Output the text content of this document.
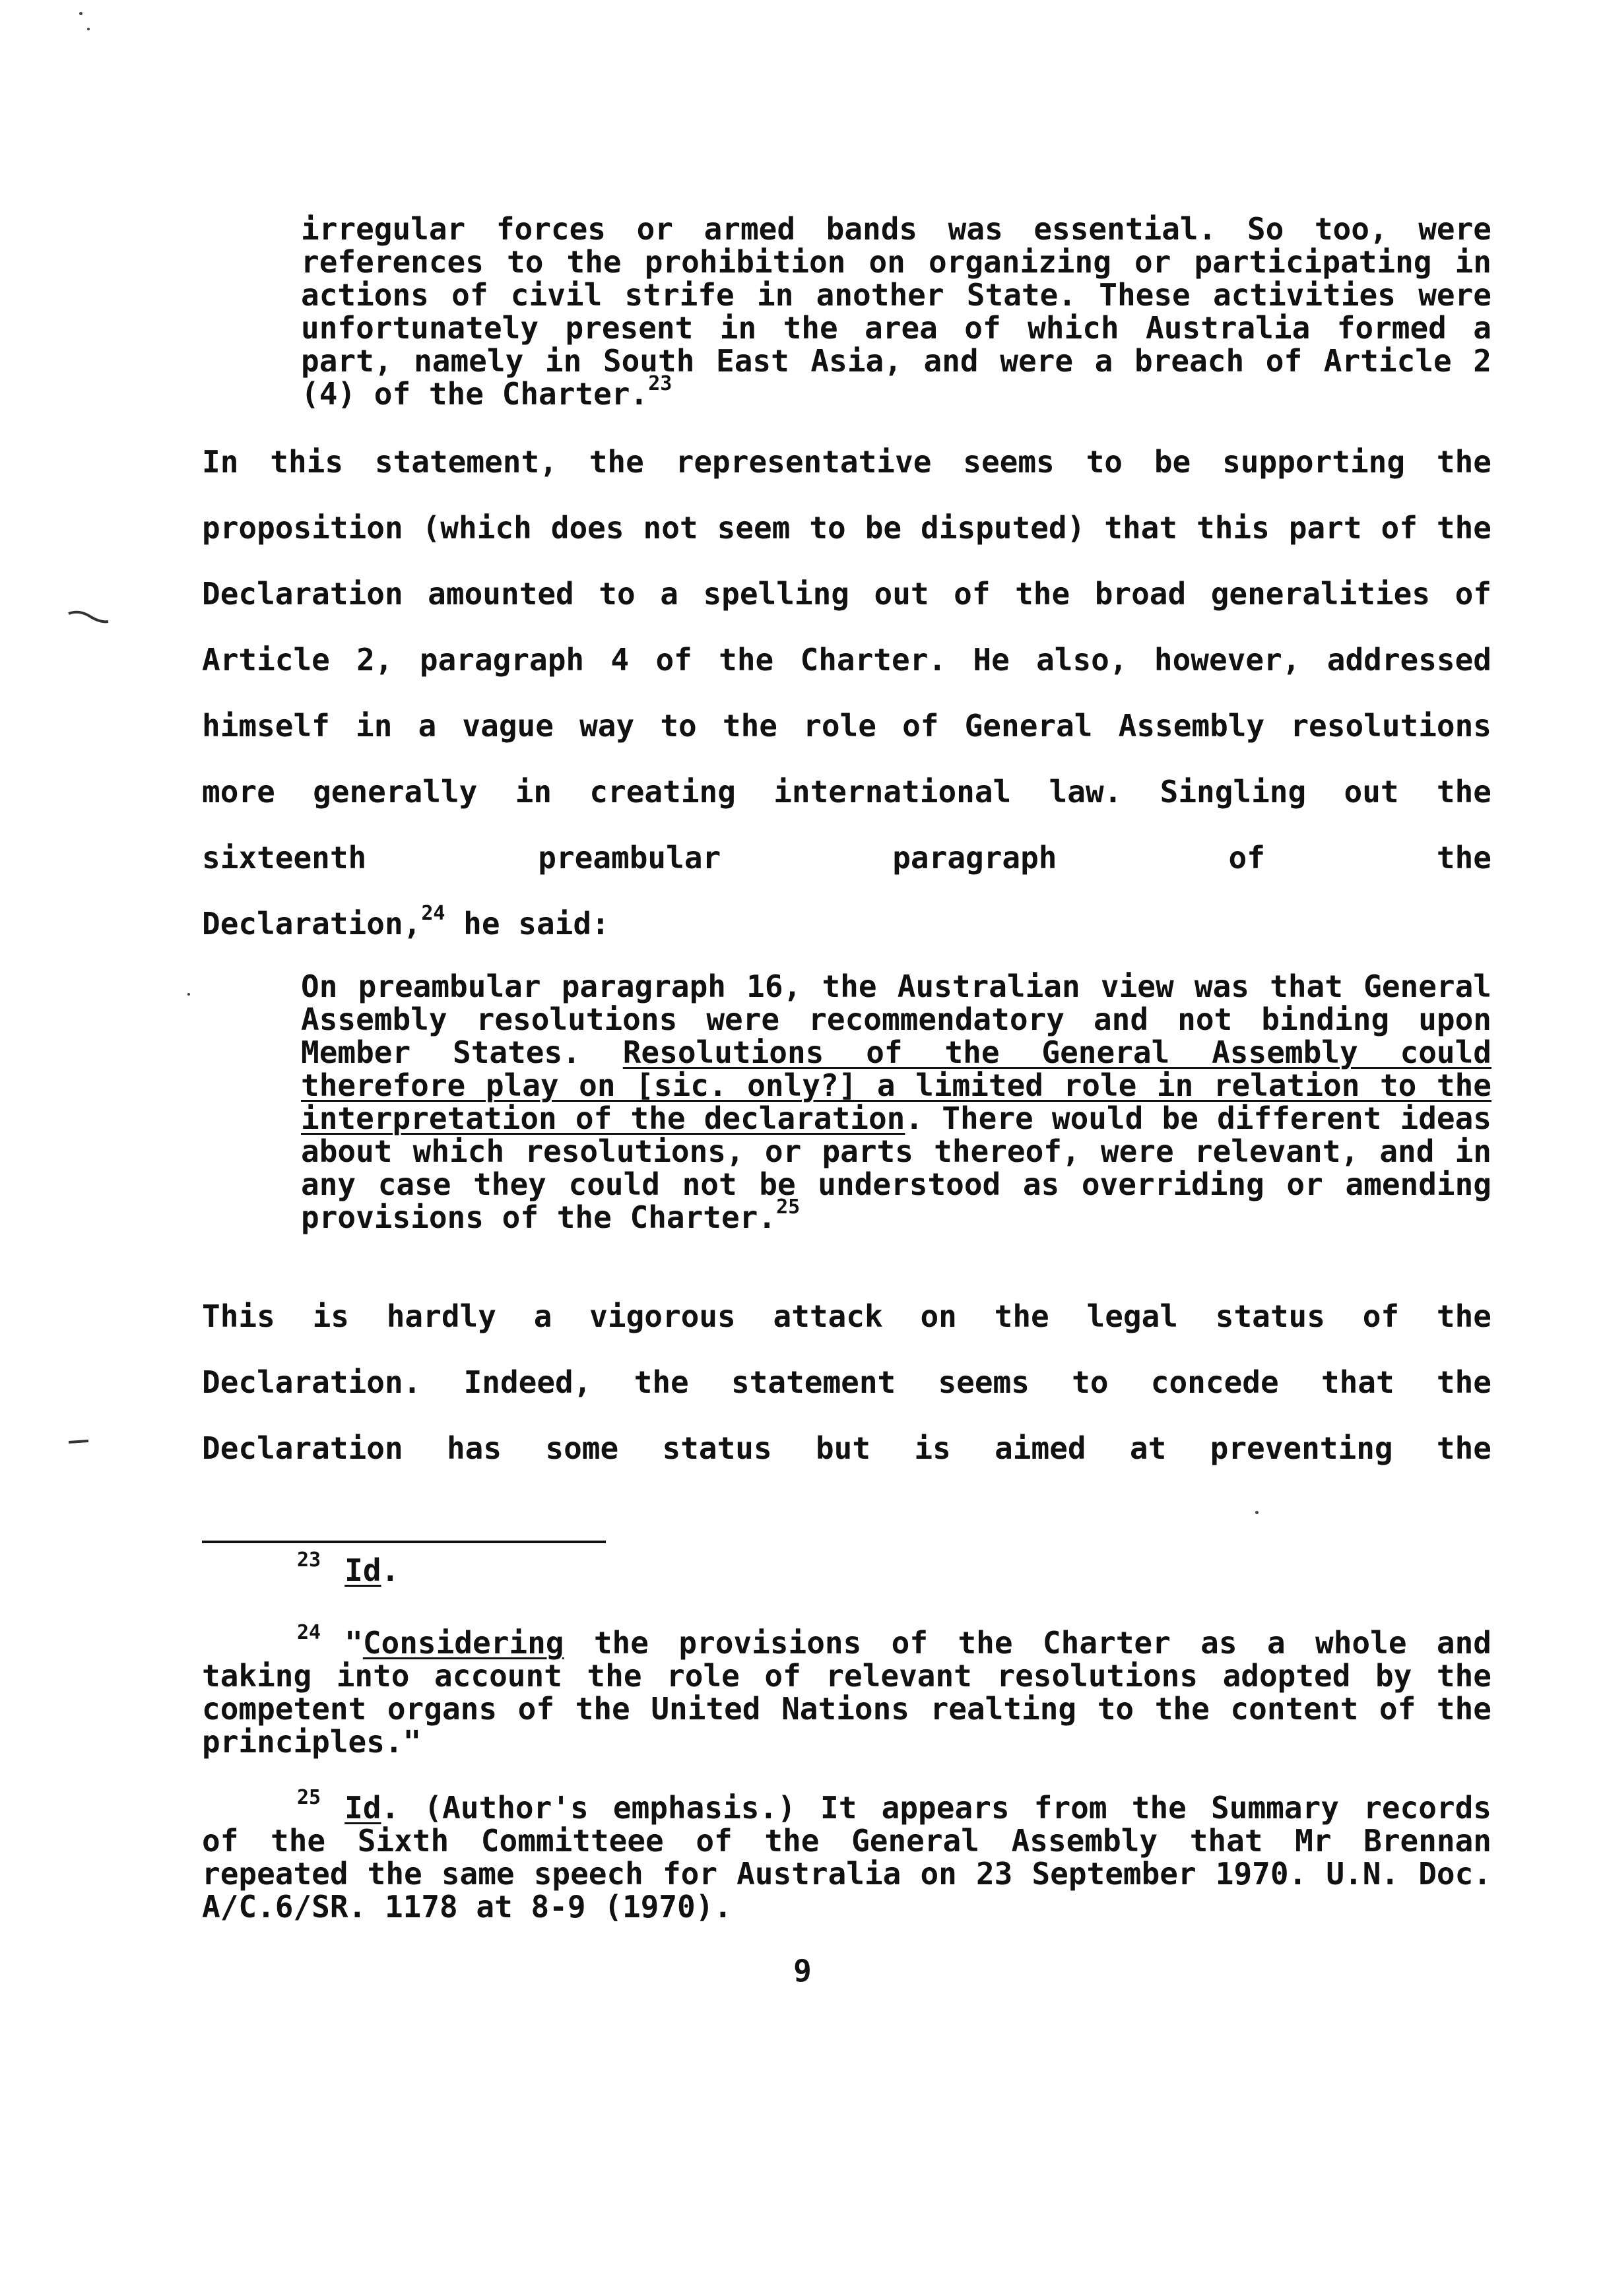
irregular forces or armed bands was essential. So too, were references to the prohibition on organizing or participating in actions of civil strife in another State. These activities were unfortunately present in the area of which Australia formed a part, namely in South East Asia, and were a breach of Article 2 (4) of the Charter.$^{23}$

In this statement, the representative seems to be supporting the proposition (which does not seem to be disputed) that this part of the Declaration amounted to a spelling out of the broad generalities of Article 2, paragraph 4 of the Charter. He also, however, addressed himself in a vague way to the role of General Assembly resolutions more generally in creating international law. Singling out the sixteenth preambular paragraph of the

Declaration,$^{24}$ he said:

On preambular paragraph 16, the Australian view was that General Assembly resolutions were recommendatory and not binding upon Member States. Resolutions of the General Assembly could therefore play on [sic. only?] a limited role in relation to the interpretation of the declaration. There would be different ideas about which resolutions, or parts thereof, were relevant, and in any case they could not be understood as overriding or amending provisions of the Charter.$^{25}$

This is hardly a vigorous attack on the legal status of the Declaration. Indeed, the statement seems to concede that the Declaration has some status but is aimed at preventing the

$^{23}$ Id.

$^{24}$ "Considering the provisions of the Charter as a whole and taking into account the role of relevant resolutions adopted by the competent organs of the United Nations realting to the content of the principles."

$^{25}$ Id. (Author's emphasis.) It appears from the Summary records of the Sixth Committeee of the General Assembly that Mr Brennan repeated the same speech for Australia on 23 September 1970. U.N. Doc. A/C.6/SR. 1178 at 8-9 (1970).

9
